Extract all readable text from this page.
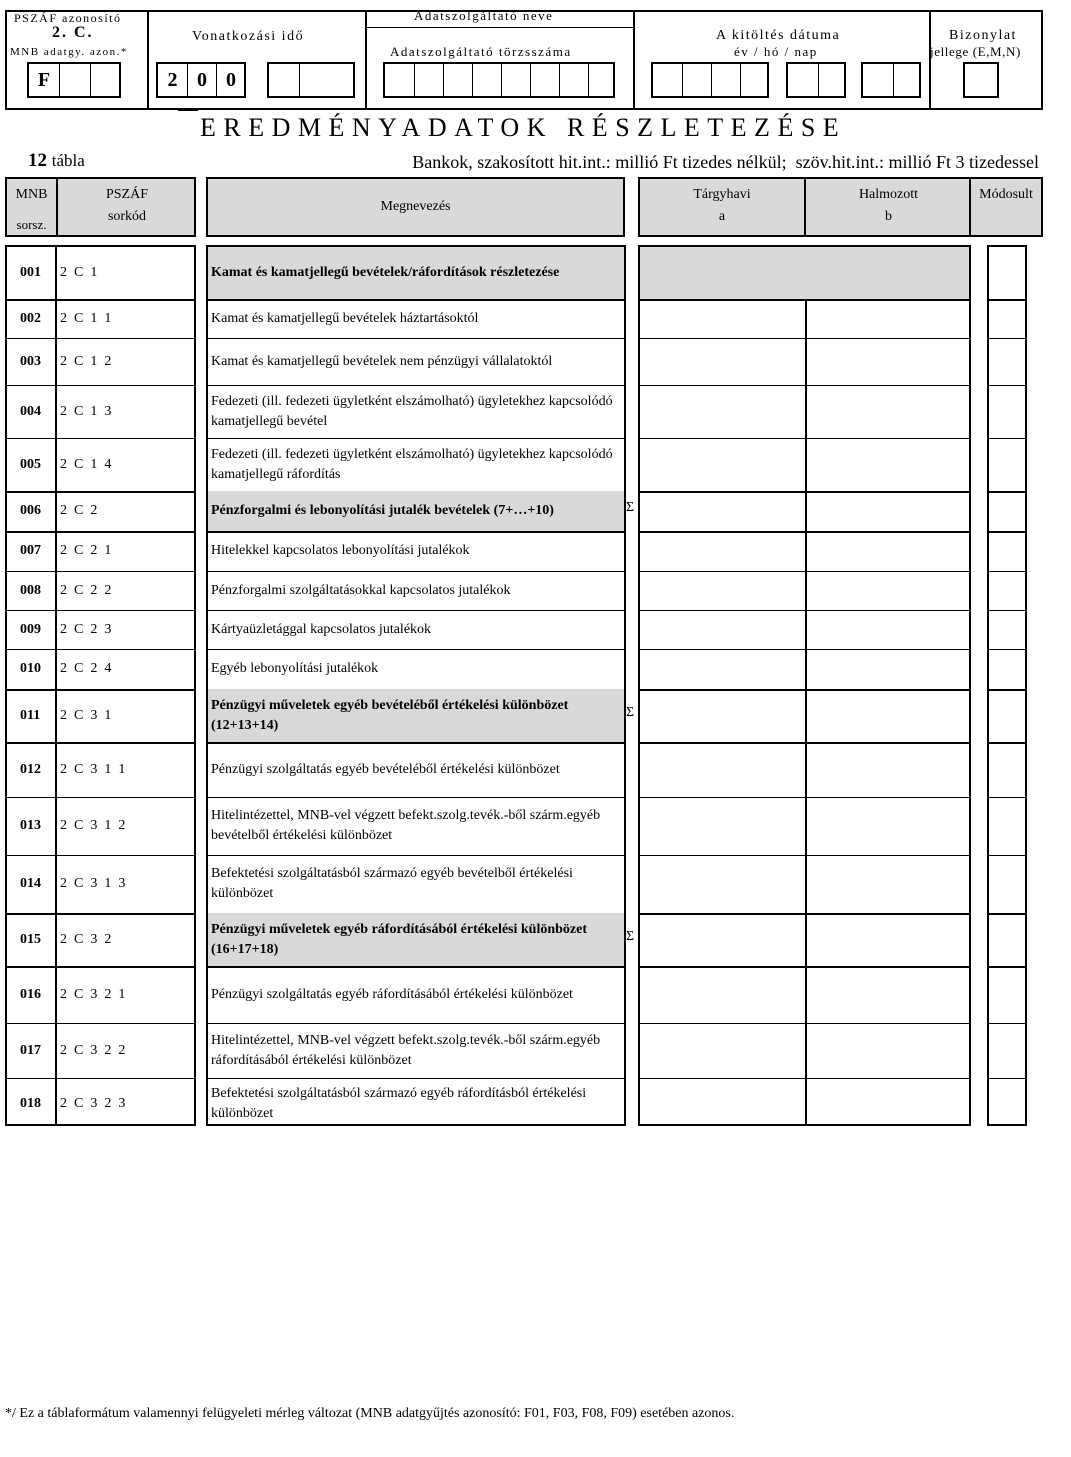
PSZÁF azonosító
2. C.
MNB adatgy. azon.*
F
Vonatkozási idő
2 0 0
Adatszolgáltató neve
Adatszolgáltató törzsszáma
A kitöltés dátuma
év / hó / nap
Bizonylat
jellege (E,M,N)
EREDMÉNYADATOK RÉSZLETEZÉSE
12 tábla	Bankok, szakosított hit.int.: millió Ft tizedes nélkül;  szöv.hit.int.: millió Ft 3 tizedessel
MNB
sorsz.
PSZÁF
sorkód
Megnevezés
Tárgyhavi
a
Halmozott
b
Módosult
001 2  C  1
002 2  C  1  1
003 2  C  1  2
004 2  C  1  3
005 2  C  1  4
006 2  C  2
007 2  C  2  1
008 2  C  2  2
009 2  C  2  3
010 2  C  2  4
011 2  C  3  1
012 2  C  3  1  1
013 2  C  3  1  2
014 2  C  3  1  3
015 2  C  3  2
016 2  C  3  2  1
017 2  C  3  2  2
018 2  C  3  2  3
Kamat és kamatjellegű bevételek/ráfordítások részletezése
Kamat és kamatjellegű bevételek háztartásoktól
Kamat és kamatjellegű bevételek nem pénzügyi vállalatoktól
Fedezeti (ill. fedezeti ügyletként elszámolható) ügyletekhez kapcsolódó kamatjellegű bevétel
Fedezeti (ill. fedezeti ügyletként elszámolható) ügyletekhez kapcsolódó kamatjellegű ráfordítás
Pénzforgalmi és lebonyolítási jutalék bevételek (7+…+10)
Hitelekkel kapcsolatos lebonyolítási jutalékok
Pénzforgalmi szolgáltatásokkal kapcsolatos jutalékok
Kártyaüzletággal kapcsolatos jutalékok
Egyéb lebonyolítási jutalékok
Pénzügyi műveletek egyéb bevételéből értékelési különbözet (12+13+14)
Pénzügyi szolgáltatás egyéb bevételéből értékelési különbözet
Hitelintézettel, MNB-vel végzett befekt.szolg.tevék.-ből szárm.egyéb bevételből értékelési különbözet
Befektetési szolgáltatásból származó egyéb bevételből értékelési különbözet
Pénzügyi műveletek egyéb ráfordításából értékelési különbözet (16+17+18)
Pénzügyi szolgáltatás egyéb ráfordításából értékelési különbözet
Hitelintézettel, MNB-vel végzett befekt.szolg.tevék.-ből szárm.egyéb ráfordításából értékelési különbözet
Befektetési szolgáltatásból származó egyéb ráfordításból értékelési különbözet
*/ Ez a táblaformátum valamennyi felügyeleti mérleg változat (MNB adatgyűjtés azonosító: F01, F03, F08, F09) esetében azonos.
Σ
Σ
Σ
